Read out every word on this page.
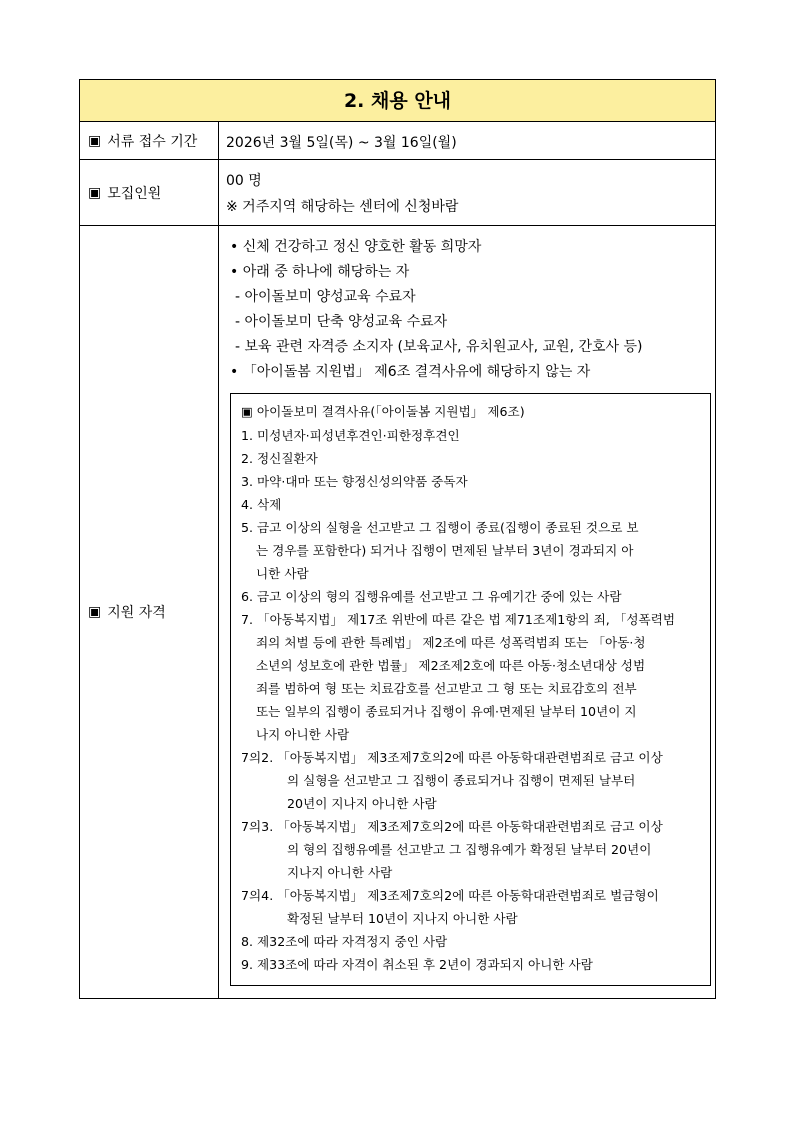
2. 채용 안내
▣ 서류 접수 기간 2026년 3월 5일(목) ~ 3월 16일(월)
▣ 모집인원
00 명
※ 거주지역 해당하는 센터에 신청바람
▣ 지원 자격
• 신체 건강하고 정신 양호한 활동 희망자
• 아래 중 하나에 해당하는 자
- 아이돌보미 양성교육 수료자
- 아이돌보미 단축 양성교육 수료자
- 보육 관련 자격증 소지자 (보육교사, 유치원교사, 교원, 간호사 등)
• 「아이돌봄 지원법」 제6조 결격사유에 해당하지 않는 자
▣ 아이돌보미 결격사유(「아이돌봄 지원법」 제6조)
1. 미성년자·피성년후견인·피한정후견인
2. 정신질환자
3. 마약·대마 또는 향정신성의약품 중독자
4. 삭제
5. 금고 이상의 실형을 선고받고 그 집행이 종료(집행이 종료된 것으로 보
는 경우를 포함한다) 되거나 집행이 면제된 날부터 3년이 경과되지 아
니한 사람
6. 금고 이상의 형의 집행유예를 선고받고 그 유예기간 중에 있는 사람
7. 「아동복지법」 제17조 위반에 따른 같은 법 제71조제1항의 죄, 「성폭력범
죄의 처벌 등에 관한 특례법」 제2조에 따른 성폭력범죄 또는 「아동·청
소년의 성보호에 관한 법률」 제2조제2호에 따른 아동·청소년대상 성범
죄를 범하여 형 또는 치료감호를 선고받고 그 형 또는 치료감호의 전부
또는 일부의 집행이 종료되거나 집행이 유예·면제된 날부터 10년이 지
나지 아니한 사람
7의2. 「아동복지법」 제3조제7호의2에 따른 아동학대관련범죄로 금고 이상
의 실형을 선고받고 그 집행이 종료되거나 집행이 면제된 날부터
20년이 지나지 아니한 사람
7의3. 「아동복지법」 제3조제7호의2에 따른 아동학대관련범죄로 금고 이상
의 형의 집행유예를 선고받고 그 집행유예가 확정된 날부터 20년이
지나지 아니한 사람
7의4. 「아동복지법」 제3조제7호의2에 따른 아동학대관련범죄로 벌금형이
확정된 날부터 10년이 지나지 아니한 사람
8. 제32조에 따라 자격정지 중인 사람
9. 제33조에 따라 자격이 취소된 후 2년이 경과되지 아니한 사람
